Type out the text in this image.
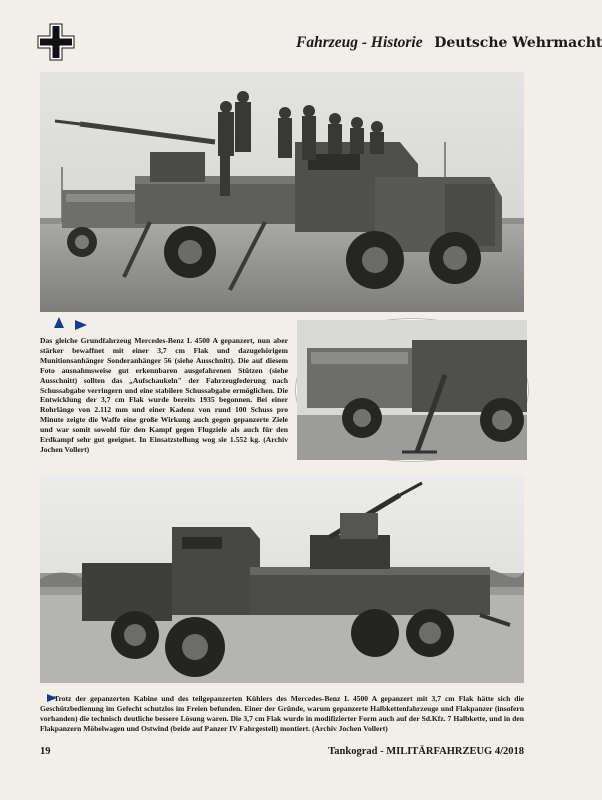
Fahrzeug - Historie Deutsche Wehrmacht
Das gleiche Grundfahrzeug Mercedes-Benz L 4500 A gepanzert, nun aber stärker bewaffnet mit einer 3,7 cm Flak und dazugehörigem Munitionsanhänger Sonderanhänger 56 (siehe Ausschnitt). Die auf diesem Foto ausnahmsweise gut erkennbaren ausgefahrenen Stützen (siehe Ausschnitt) sollten das „Aufschaukeln" der Fahrzeugfederung nach Schussabgabe verringern und eine stabilere Schussabgabe ermöglichen. Die Entwicklung der 3,7 cm Flak wurde bereits 1935 begonnen. Bei einer Rohrlänge von 2.112 mm und einer Kadenz von rund 100 Schuss pro Minute zeigte die Waffe eine große Wirkung auch gegen gepanzerte Ziele und war somit sowohl für den Kampf gegen Flugziele als auch für den Erdkampf sehr gut geeignet. In Einsatzstellung wog sie 1.552 kg. (Archiv Jochen Vollert)
Trotz der gepanzerten Kabine und des teilgepanzerten Kühlers des Mercedes-Benz L 4500 A gepanzert mit 3,7 cm Flak hätte sich die Geschützbedienung im Gefecht schutzlos im Freien befunden. Einer der Gründe, warum gepanzerte Halbkettenfahrzeuge und Flakpanzer (insofern vorhanden) die technisch deutliche bessere Lösung waren. Die 3,7 cm Flak wurde in modifizierter Form auch auf der Sd.Kfz. 7 Halbkette, und in den Flakpanzern Möbelwagen und Ostwind (beide auf Panzer IV Fahrgestell) montiert. (Archiv Jochen Vollert)
19	Tankograd - MILITÄRFAHRZEUG 4/2018
